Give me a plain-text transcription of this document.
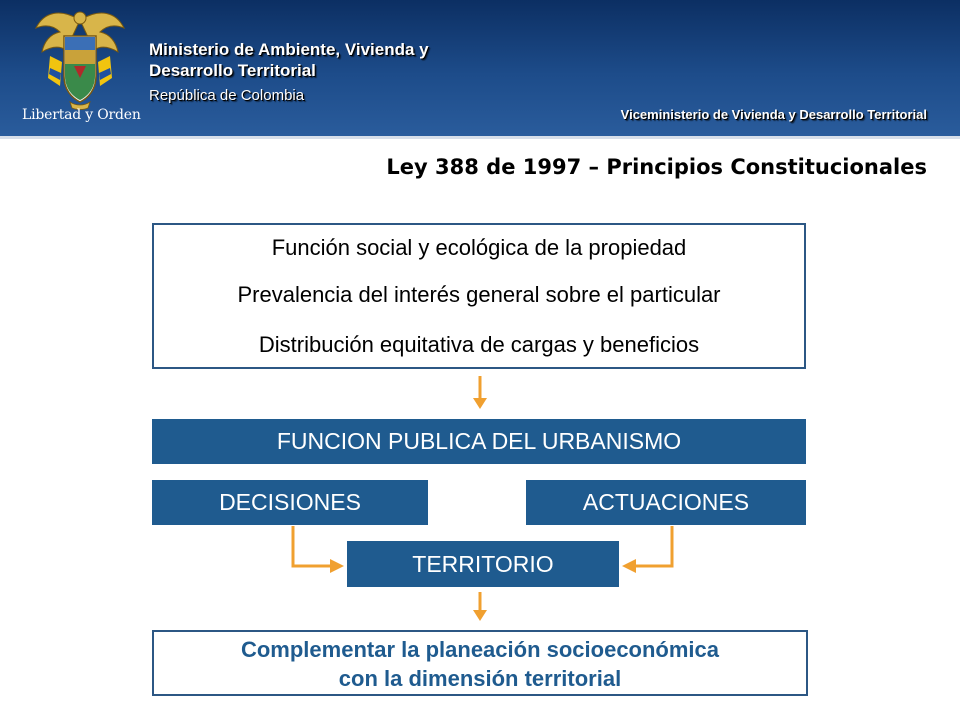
Libertad y Orden
Ministerio de Ambiente, Vivienda y
Desarrollo Territorial
República de Colombia
Viceministerio de Vivienda y Desarrollo Territorial
Ley 388 de 1997 – Principios Constitucionales
Función social y ecológica de la propiedad
Prevalencia del interés general sobre el particular
Distribución equitativa de cargas y beneficios
FUNCION PUBLICA DEL URBANISMO
DECISIONES	ACTUACIONES
TERRITORIO
Complementar la planeación socioeconómica
con la dimensión territorial
